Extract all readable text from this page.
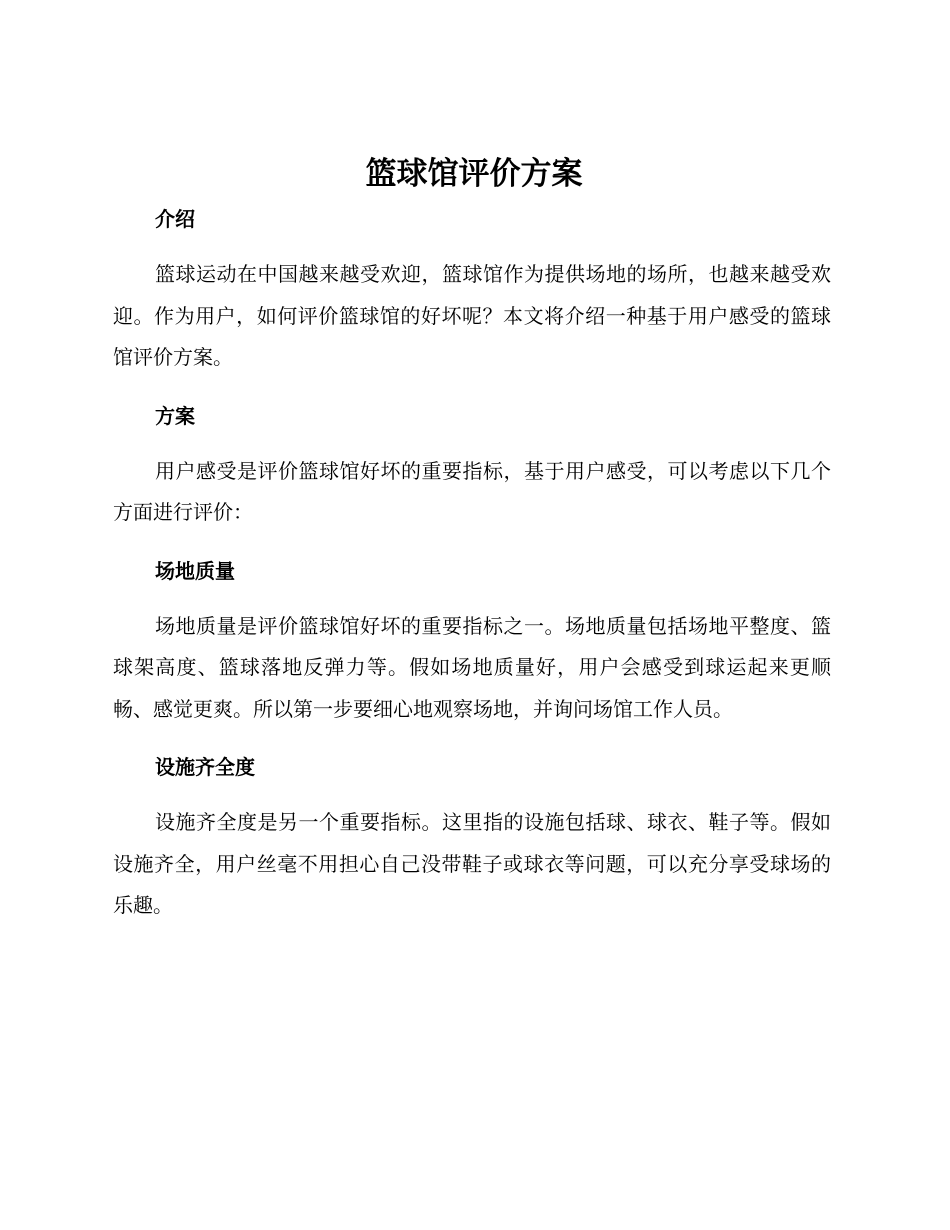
篮球馆评价方案
介绍

篮球运动在中国越来越受欢迎，篮球馆作为提供场地的场所，也越来越受欢迎。作为用户，如何评价篮球馆的好坏呢？本文将介绍一种基于用户感受的篮球馆评价方案。

方案

用户感受是评价篮球馆好坏的重要指标，基于用户感受，可以考虑以下几个方面进行评价：

场地质量

场地质量是评价篮球馆好坏的重要指标之一。场地质量包括场地平整度、篮球架高度、篮球落地反弹力等。假如场地质量好，用户会感受到球运起来更顺畅、感觉更爽。所以第一步要细心地观察场地，并询问场馆工作人员。

设施齐全度

设施齐全度是另一个重要指标。这里指的设施包括球、球衣、鞋子等。假如设施齐全，用户丝毫不用担心自己没带鞋子或球衣等问题，可以充分享受球场的乐趣。
